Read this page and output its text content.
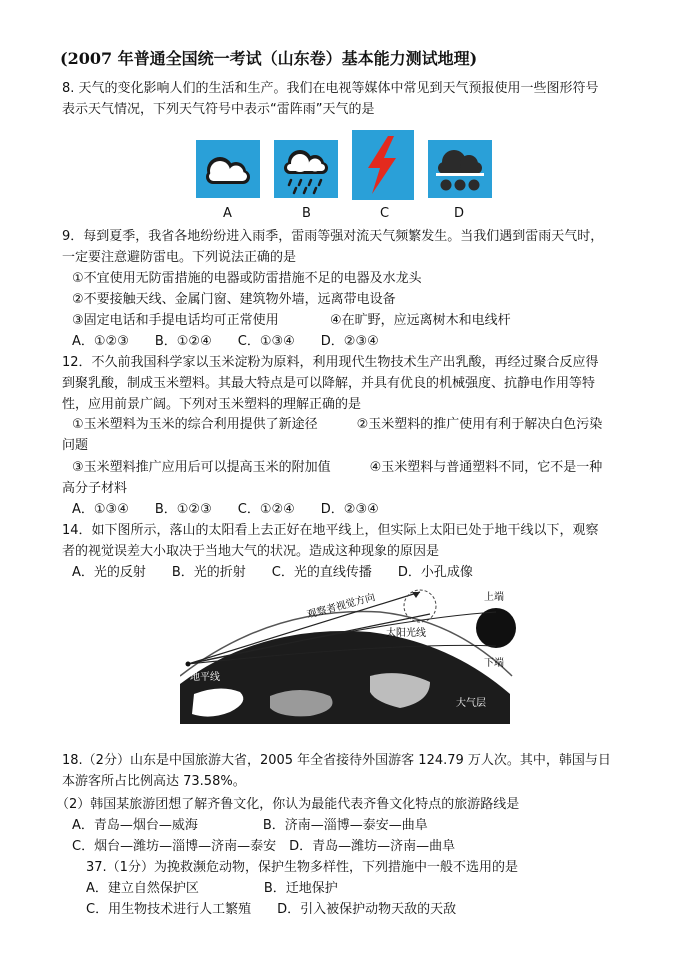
(2007 年普通全国统一考试（山东卷）基本能力测试地理)
8. 天气的变化影响人们的生活和生产。我们在电视等媒体中常见到天气预报使用一些图形符号
表示天气情况，下列天气符号中表示“雷阵雨”天气的是
A	B	C	D
9．每到夏季，我省各地纷纷进入雨季，雷雨等强对流天气频繁发生。当我们遇到雷雨天气时，
一定要注意避防雷电。下列说法正确的是
①不宜使用无防雷措施的电器或防雷措施不足的电器及水龙头
②不要接触天线、金属门窗、建筑物外墙，远离带电设备
③固定电话和手提电话均可正常使用	④在旷野，应远离树木和电线杆
A．①②③　　B．①②④　　C．①③④　　D．②③④
12．不久前我国科学家以玉米淀粉为原料，利用现代生物技术生产出乳酸，再经过聚合反应得
到聚乳酸，制成玉米塑料。其最大特点是可以降解，并具有优良的机械强度、抗静电作用等特
性，应用前景广阔。下列对玉米塑料的理解正确的是
①玉米塑料为玉米的综合利用提供了新途径　　　②玉米塑料的推广使用有利于解决白色污染
问题
③玉米塑料推广应用后可以提高玉米的附加值　　　④玉米塑料与普通塑料不同，它不是一种
高分子材料
A．①③④　　B．①②③　　C．①②④　　D．②③④
14．如下图所示，落山的太阳看上去正好在地平线上，但实际上太阳已处于地干线以下，观察
者的视觉误差大小取决于当地大气的状况。造成这种现象的原因是
A．光的反射　　B．光的折射　　C．光的直线传播　　D．小孔成像
观察者视觉方向	上端
太阳光线
下端
地平线
大气层
18.（2分）山东是中国旅游大省，2005 年全省接待外国游客 124.79 万人次。其中，韩国与日
本游客所占比例高达 73.58%。
（2）韩国某旅游团想了解齐鲁文化，你认为最能代表齐鲁文化特点的旅游路线是
A．青岛—烟台—威海　　　　　B．济南—淄博—泰安—曲阜
C．烟台—潍坊—淄博—济南—泰安　D．青岛—潍坊—济南—曲阜
37.（1分）为挽救濒危动物，保护生物多样性，下列措施中一般不选用的是
A．建立自然保护区　　　　　B．迁地保护
C．用生物技术进行人工繁殖　　D．引入被保护动物天敌的天敌
